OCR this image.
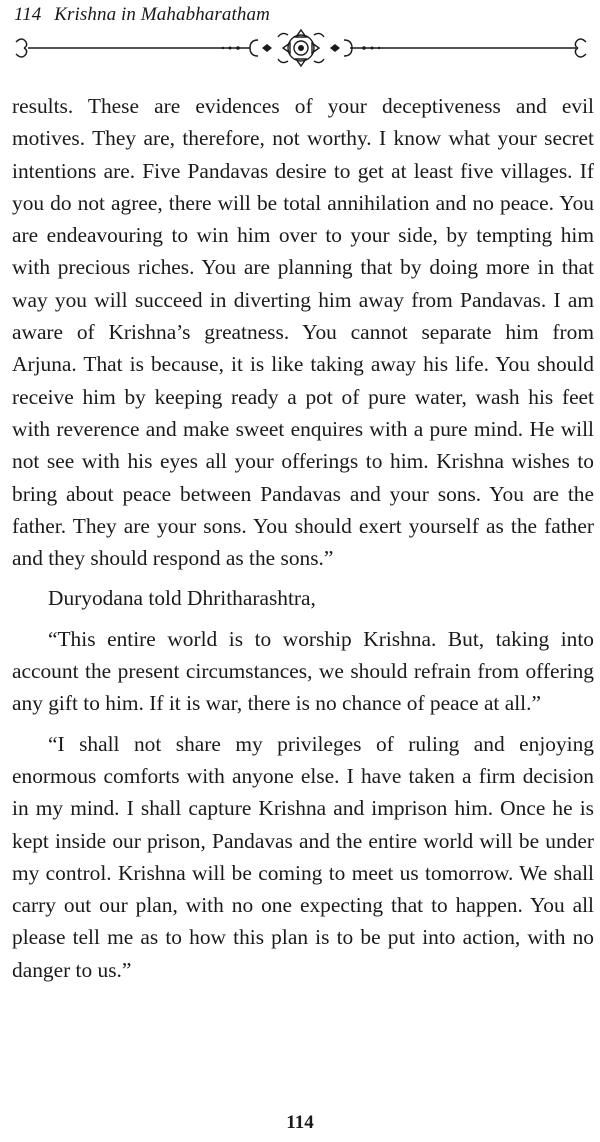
114 Krishna in Mahabharatham

results. These are evidences of your deceptiveness and evil motives. They are, therefore, not worthy. I know what your secret intentions are. Five Pandavas desire to get at least five villages. If you do not agree, there will be total annihilation and no peace. You are endeavouring to win him over to your side, by tempting him with precious riches. You are planning that by doing more in that way you will succeed in diverting him away from Pandavas. I am aware of Krishna’s greatness. You cannot separate him from Arjuna. That is because, it is like taking away his life. You should receive him by keeping ready a pot of pure water, wash his feet with reverence and make sweet enquires with a pure mind. He will not see with his eyes all your offerings to him. Krishna wishes to bring about peace between Pandavas and your sons. You are the father. They are your sons. You should exert yourself as the father and they should respond as the sons.”

Duryodana told Dhritharashtra,

“This entire world is to worship Krishna. But, taking into account the present circumstances, we should refrain from offering any gift to him. If it is war, there is no chance of peace at all.”

“I shall not share my privileges of ruling and enjoying enormous comforts with anyone else. I have taken a firm decision in my mind. I shall capture Krishna and imprison him. Once he is kept inside our prison, Pandavas and the entire world will be under my control. Krishna will be coming to meet us tomorrow. We shall carry out our plan, with no one expecting that to happen. You all please tell me as to how this plan is to be put into action, with no danger to us.”

114
